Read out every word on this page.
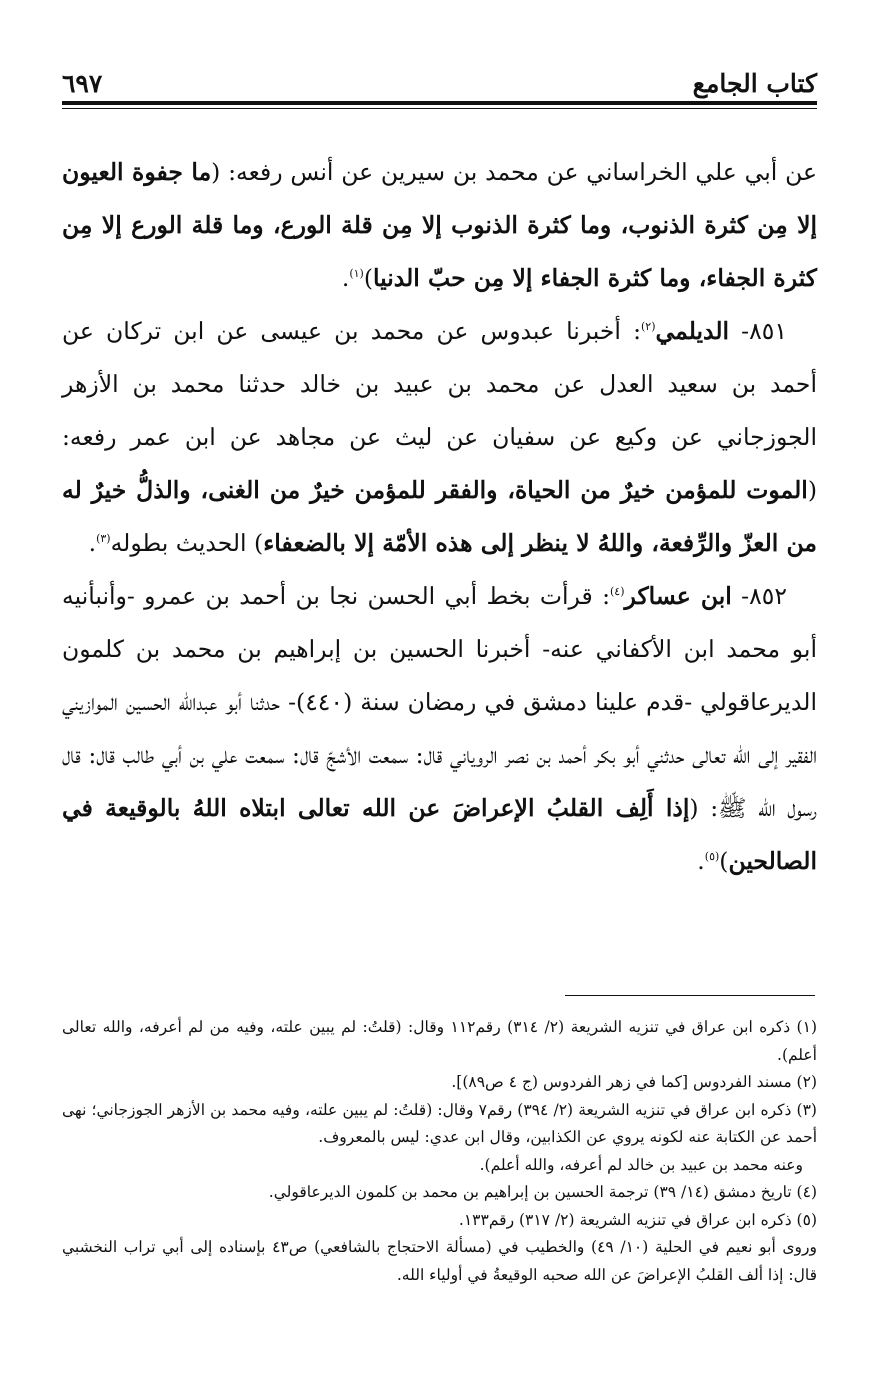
كتاب الجامع
٦٩٧

عن أبي علي الخراساني عن محمد بن سيرين عن أنس رفعه: (ما جفوة العيون إلا مِن كثرة الذنوب، وما كثرة الذنوب إلا مِن قلة الورع، وما قلة الورع إلا مِن كثرة الجفاء، وما كثرة الجفاء إلا مِن حبّ الدنيا)$^{(١)}$.

٨٥١- الديلمي$^{(٢)}$: أخبرنا عبدوس عن محمد بن عيسى عن ابن تركان عن أحمد بن سعيد العدل عن محمد بن عبيد بن خالد حدثنا محمد بن الأزهر الجوزجاني عن وكيع عن سفيان عن ليث عن مجاهد عن ابن عمر رفعه: (الموت للمؤمن خيرٌ من الحياة، والفقر للمؤمن خيرٌ من الغنى، والذلُّ خيرٌ له من العزّ والرِّفعة، واللهُ لا ينظر إلى هذه الأمّة إلا بالضعفاء) الحديث بطوله$^{(٣)}$.

٨٥٢- ابن عساكر$^{(٤)}$: قرأت بخط أبي الحسن نجا بن أحمد بن عمرو -وأنبأنيه أبو محمد ابن الأكفاني عنه- أخبرنا الحسين بن إبراهيم بن محمد بن كلمون الديرعاقولي -قدم علينا دمشق في رمضان سنة (٤٤٠)- حدثنا أبو عبدالله الحسين الموازيني الفقير إلى الله تعالى حدثني أبو بكر أحمد بن نصر الروياني قال: سمعت الأشجّ قال: سمعت علي بن أبي طالب قال: قال رسول الله ﷺ: (إذا أَلِف القلبُ الإعراضَ عن الله تعالى ابتلاه اللهُ بالوقيعة في الصالحين)$^{(٥)}$.

(١) ذكره ابن عراق في تنزيه الشريعة (٢/ ٣١٤) رقم١١٢ وقال: (قلتُ: لم يبين علته، وفيه من لم أعرفه، والله تعالى أعلم).

(٢) مسند الفردوس [كما في زهر الفردوس (ج ٤ ص٨٩)].

(٣) ذكره ابن عراق في تنزيه الشريعة (٢/ ٣٩٤) رقم٧ وقال: (قلتُ: لم يبين علته، وفيه محمد بن الأزهر الجوزجاني؛ نهى أحمد عن الكتابة عنه لكونه يروي عن الكذابين، وقال ابن عدي: ليس بالمعروف.

وعنه محمد بن عبيد بن خالد لم أعرفه، والله أعلم).

(٤) تاريخ دمشق (١٤/ ٣٩) ترجمة الحسين بن إبراهيم بن محمد بن كلمون الديرعاقولي.

(٥) ذكره ابن عراق في تنزيه الشريعة (٢/ ٣١٧) رقم١٣٣.

وروى أبو نعيم في الحلية (١٠/ ٤٩) والخطيب في (مسألة الاحتجاج بالشافعي) ص٤٣ بإسناده إلى أبي تراب النخشبي قال: إذا ألف القلبُ الإعراضَ عن الله صحبه الوقيعةُ في أولياء الله.
